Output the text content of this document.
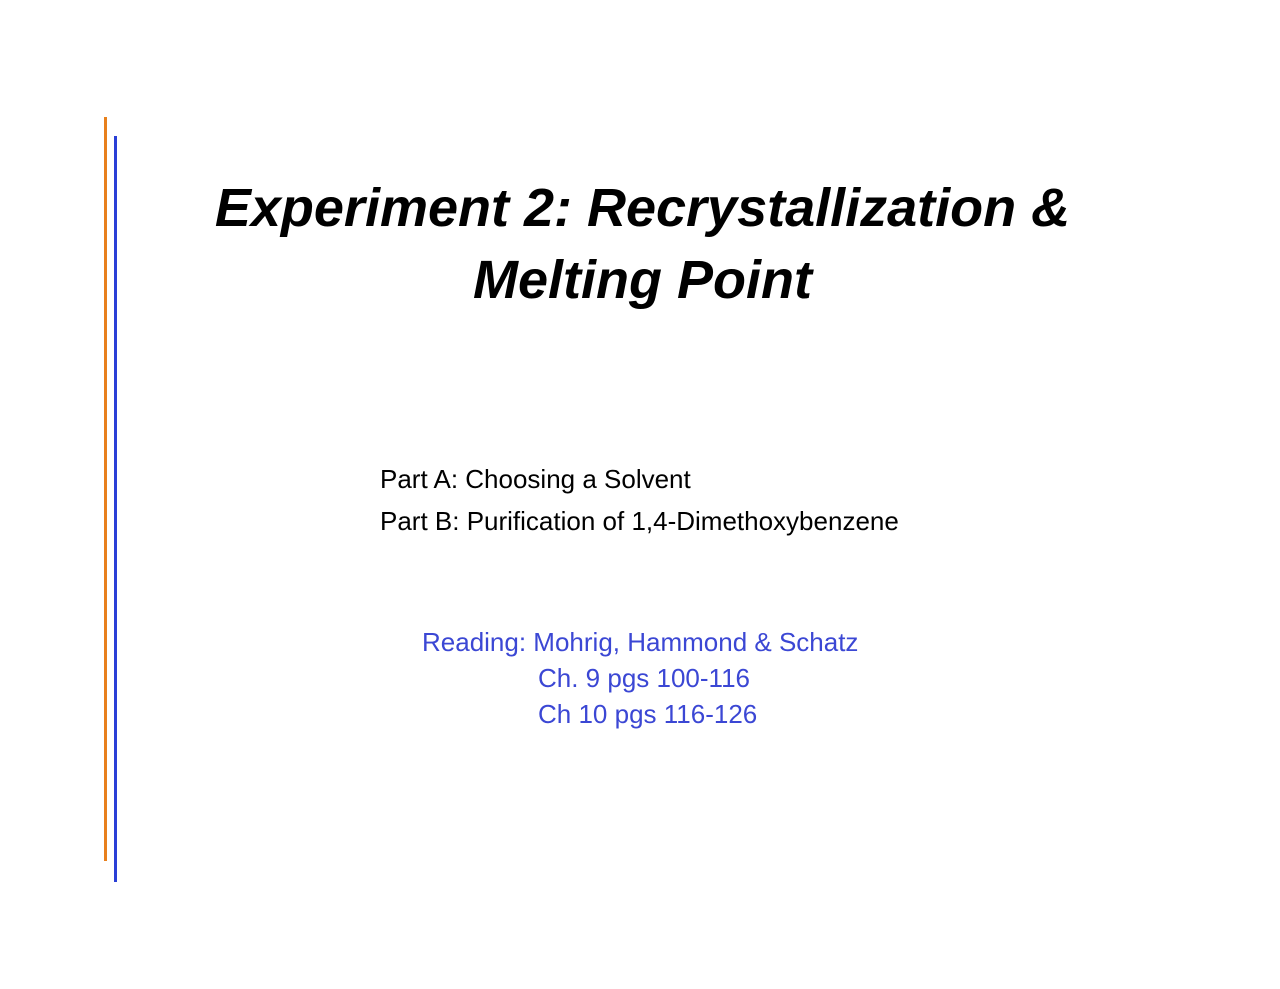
Experiment 2: Recrystallization &
Melting Point
Part A: Choosing a Solvent
Part B: Purification of 1,4-Dimethoxybenzene
Reading: Mohrig, Hammond & Schatz
Ch. 9 pgs 100-116
Ch 10 pgs 116-126
